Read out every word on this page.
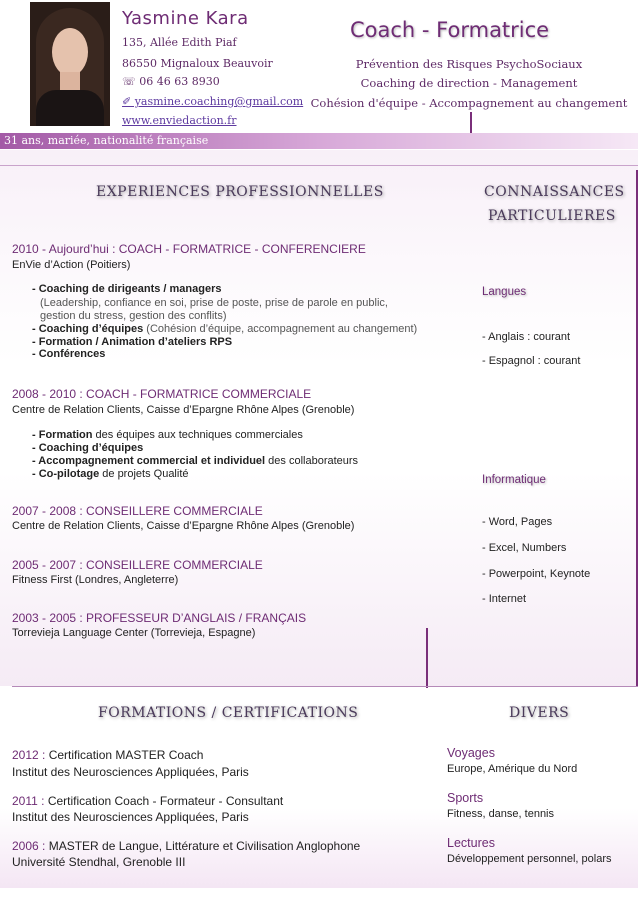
Yasmine Kara
135, Allée Edith Piaf
86550 Mignaloux Beauvoir
☏ 06 46 63 8930
✐ yasmine.coaching@gmail.com
www.enviedaction.fr
Coach - Formatrice
Prévention des Risques PsychoSociaux
Coaching de direction - Management
Cohésion d'équipe - Accompagnement au changement
31 ans, mariée, nationalité française
EXPERIENCES PROFESSIONNELLES
2010 - Aujourd’hui : COACH - FORMATRICE - CONFERENCIERE
EnVie d’Action (Poitiers)
- Coaching de dirigeants / managers
(Leadership, confiance en soi, prise de poste, prise de parole en public,
gestion du stress, gestion des conflits)
- Coaching d’équipes (Cohésion d’équipe, accompagnement au changement)
- Formation / Animation d’ateliers RPS
- Conférences
2008 - 2010 : COACH - FORMATRICE COMMERCIALE
Centre de Relation Clients, Caisse d’Epargne Rhône Alpes (Grenoble)
- Formation des équipes aux techniques commerciales
- Coaching d’équipes
- Accompagnement commercial et individuel des collaborateurs
- Co-pilotage de projets Qualité
2007 - 2008 : CONSEILLERE COMMERCIALE
Centre de Relation Clients, Caisse d’Epargne Rhône Alpes (Grenoble)
2005 - 2007 : CONSEILLERE COMMERCIALE
Fitness First (Londres, Angleterre)
2003 - 2005 : PROFESSEUR D’ANGLAIS / FRANÇAIS
Torrevieja Language Center (Torrevieja, Espagne)
CONNAISSANCES
PARTICULIERES
Langues
- Anglais : courant
- Espagnol : courant
Informatique
- Word, Pages
- Excel, Numbers
- Powerpoint, Keynote
- Internet
FORMATIONS / CERTIFICATIONS
2012 : Certification MASTER Coach
Institut des Neurosciences Appliquées, Paris
2011 : Certification Coach - Formateur - Consultant
Institut des Neurosciences Appliquées, Paris
2006 : MASTER de Langue, Littérature et Civilisation Anglophone
Université Stendhal, Grenoble III
DIVERS
Voyages
Europe, Amérique du Nord
Sports
Fitness, danse, tennis
Lectures
Développement personnel, polars
